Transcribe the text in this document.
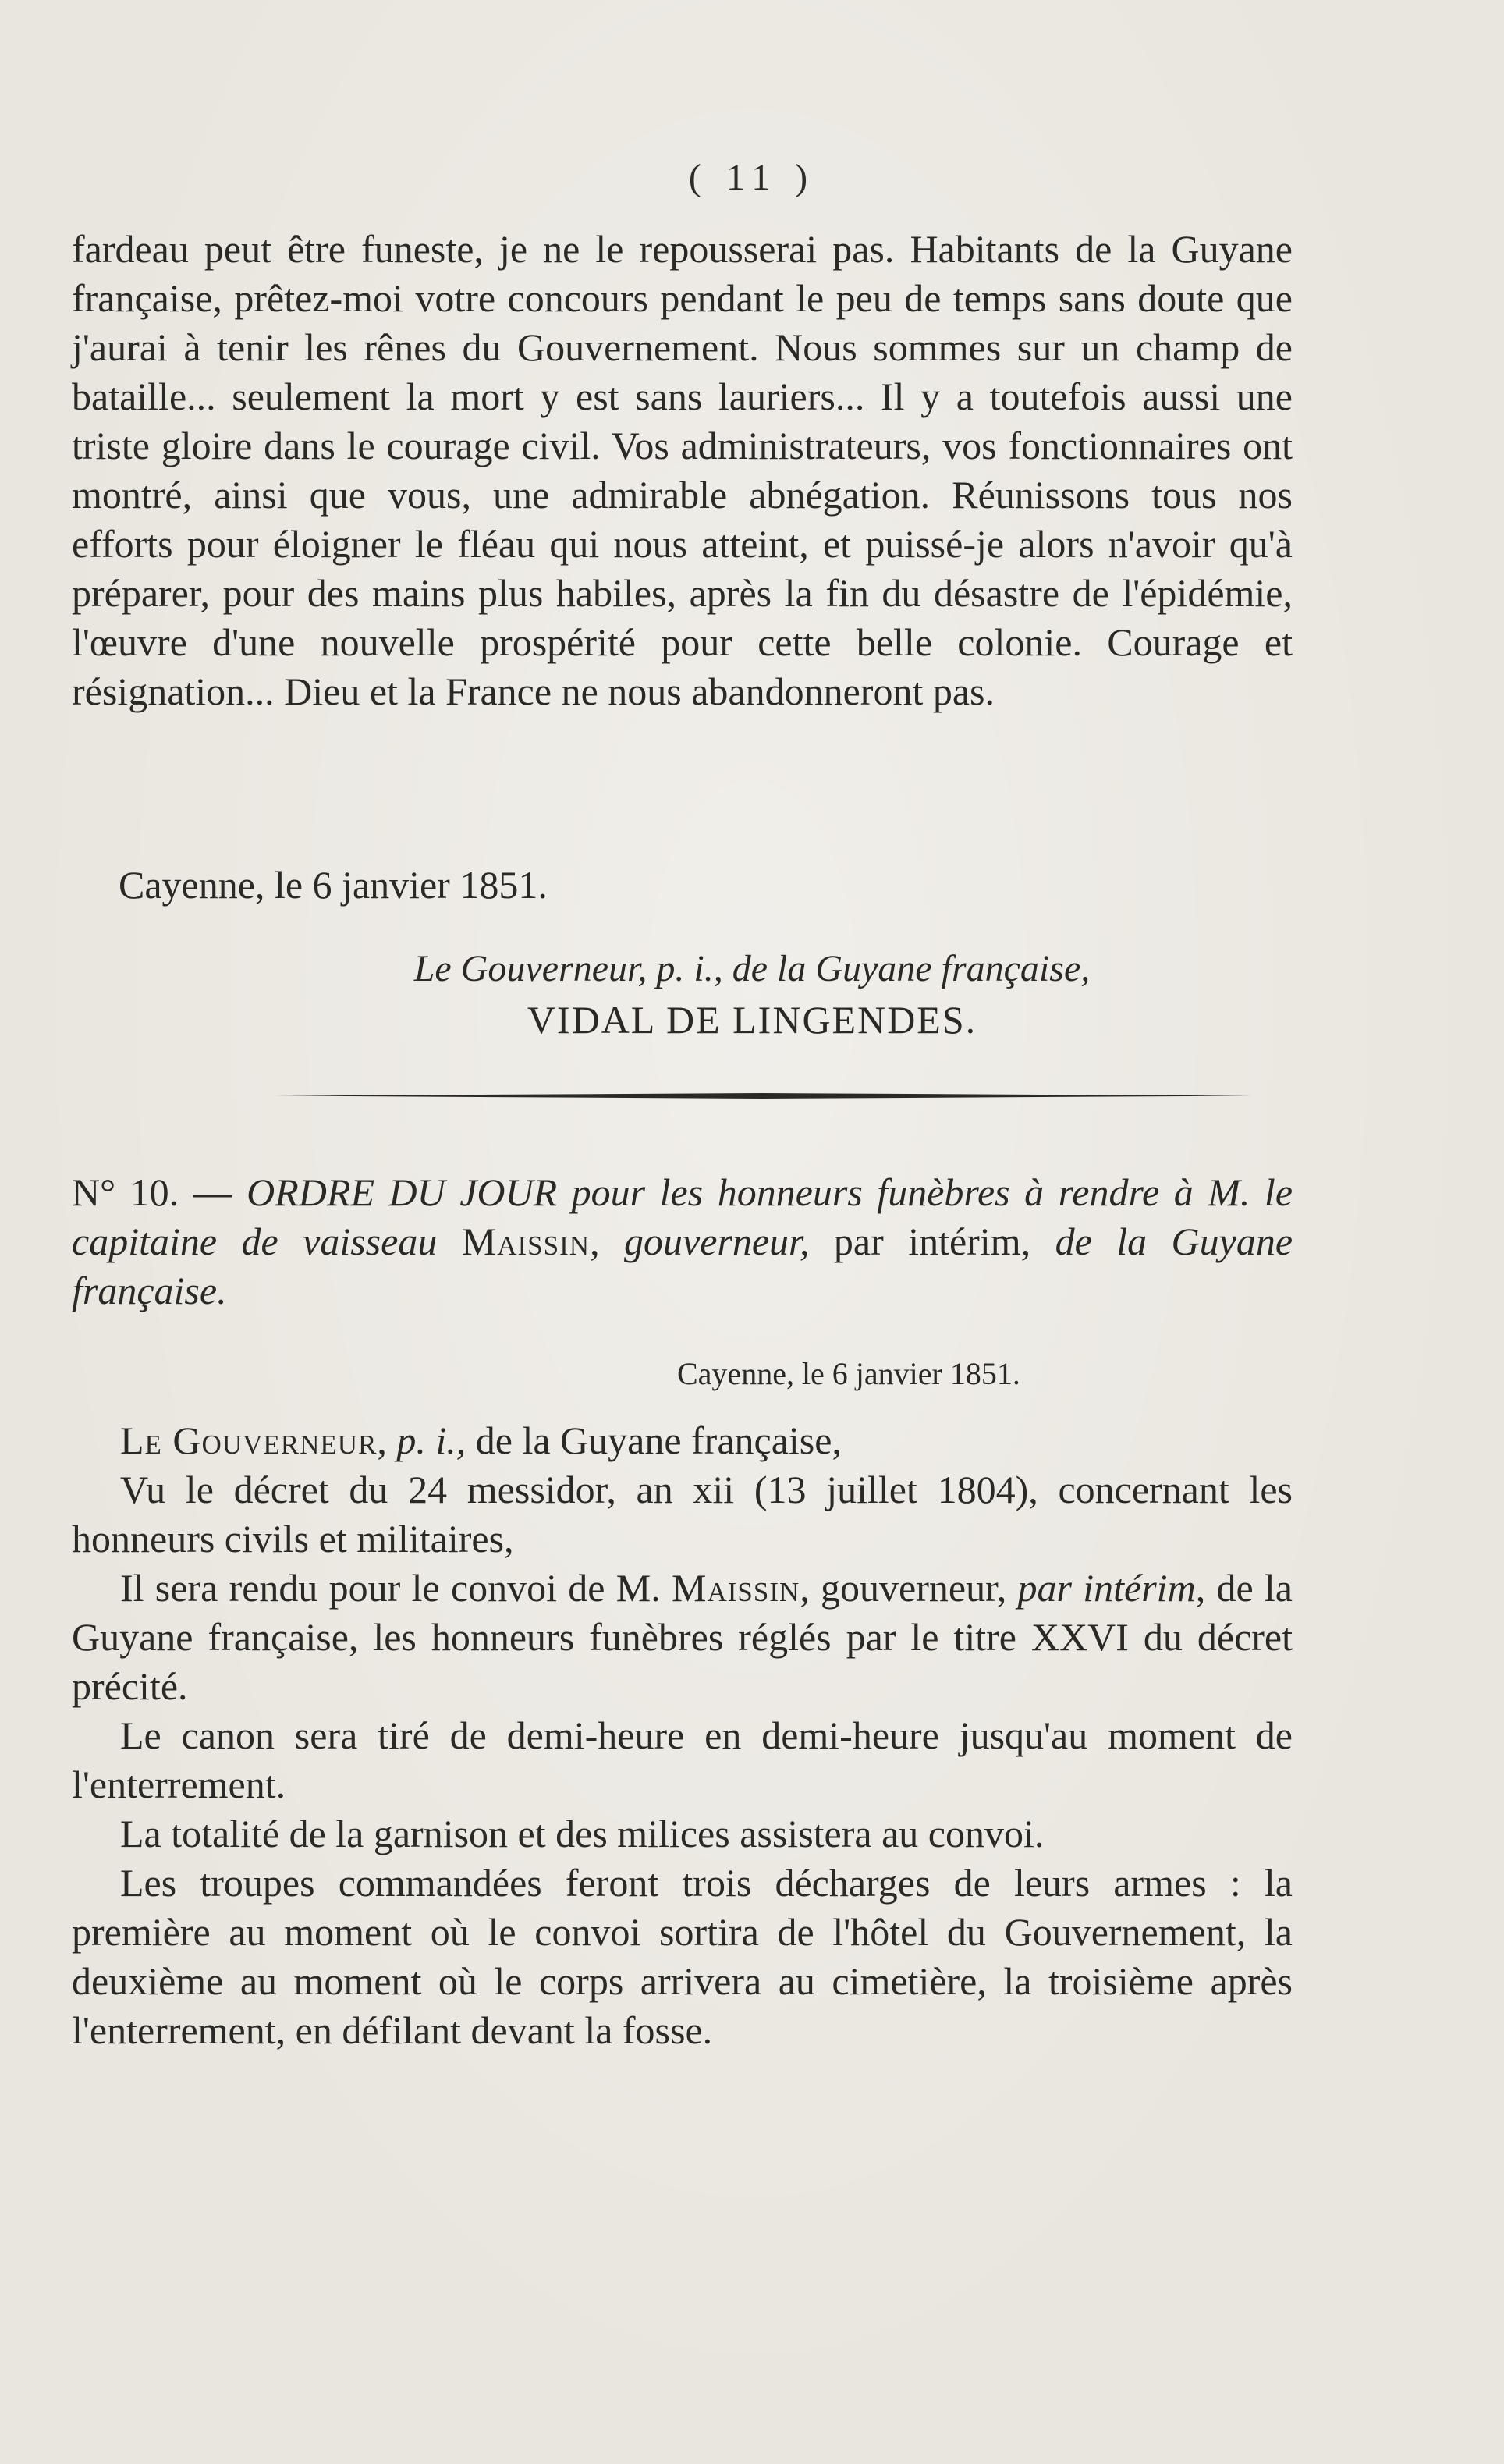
( 11 )

fardeau peut être funeste, je ne le repousserai pas. Habitants de la Guyane française, prêtez-moi votre concours pendant le peu de temps sans doute que j'aurai à tenir les rênes du Gouvernement. Nous sommes sur un champ de bataille... seulement la mort y est sans lauriers... Il y a toutefois aussi une triste gloire dans le courage civil. Vos administrateurs, vos fonctionnaires ont montré, ainsi que vous, une admirable abnégation. Réunissons tous nos efforts pour éloigner le fléau qui nous atteint, et puissé-je alors n'avoir qu'à préparer, pour des mains plus habiles, après la fin du désastre de l'épidémie, l'œuvre d'une nouvelle prospérité pour cette belle colonie. Courage et résignation... Dieu et la France ne nous abandonneront pas.

Cayenne, le 6 janvier 1851.
Le Gouverneur, p. i., de la Guyane française,
VIDAL DE LINGENDES.

N° 10. — ORDRE DU JOUR pour les honneurs funèbres à rendre à M. le capitaine de vaisseau Maissin, gouverneur, par intérim, de la Guyane française.

Cayenne, le 6 janvier 1851.

Le Gouverneur, p. i., de la Guyane française,

Vu le décret du 24 messidor, an xii (13 juillet 1804), concernant les honneurs civils et militaires,

Il sera rendu pour le convoi de M. Maissin, gouverneur, par intérim, de la Guyane française, les honneurs funèbres réglés par le titre XXVI du décret précité.

Le canon sera tiré de demi-heure en demi-heure jusqu'au moment de l'enterrement.

La totalité de la garnison et des milices assistera au convoi.

Les troupes commandées feront trois décharges de leurs armes : la première au moment où le convoi sortira de l'hôtel du Gouvernement, la deuxième au moment où le corps arrivera au cimetière, la troisième après l'enterrement, en défilant devant la fosse.
